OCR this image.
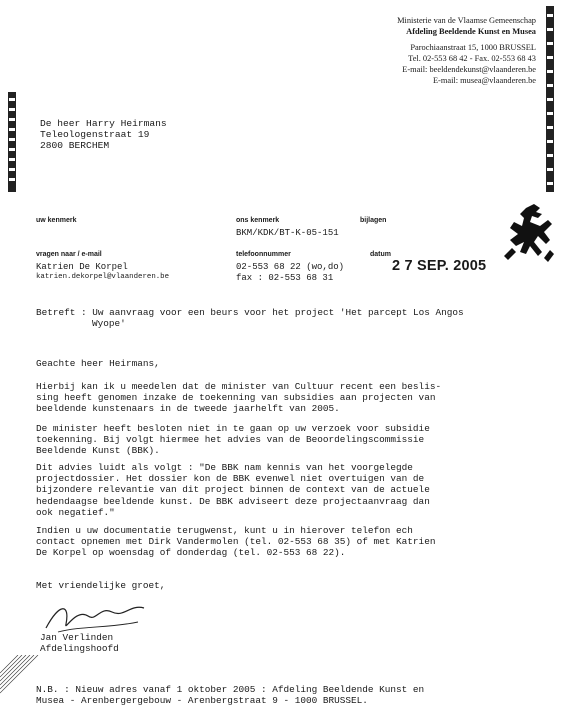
Ministerie van de Vlaamse Gemeenschap
Afdeling Beeldende Kunst en Musea
Parochiaanstraat 15, 1000 BRUSSEL
Tel. 02-553 68 42 - Fax. 02-553 68 43
E-mail: beeldendekunst@vlaanderen.be
E-mail: musea@vlaanderen.be
De heer Harry Heirmans
Teleologenstraat 19
2800 BERCHEM
uw kenmerk	ons kenmerk
BKM/KDK/BT-K-05-151
bijlagen
vragen naar / e-mail
Katrien De Korpel
katrien.dekorpel@vlaanderen.be
telefoonnummer
02-553 68 22 (wo,do)
fax : 02-553 68 31
datum
2 7 SEP. 2005
Betreft : Uw aanvraag voor een beurs voor het project 'Het parcept Los Angos
Wyope'
Geachte heer Heirmans,
Hierbij kan ik u meedelen dat de minister van Cultuur recent een beslis-
sing heeft genomen inzake de toekenning van subsidies aan projecten van
beeldende kunstenaars in de tweede jaarhelft van 2005.
De minister heeft besloten niet in te gaan op uw verzoek voor subsidie
toekenning. Bij volgt hiermee het advies van de Beoordelingscommissie
Beeldende Kunst (BBK).
Dit advies luidt als volgt : "De BBK nam kennis van het voorgelegde
projectdossier. Het dossier kon de BBK evenwel niet overtuigen van de
bijzondere relevantie van dit project binnen de context van de actuele
hedendaagse beeldende kunst. De BBK adviseert deze projectaanvraag dan
ook negatief."
Indien u uw documentatie terugwenst, kunt u in hierover telefon ech
contact opnemen met Dirk Vandermolen (tel. 02-553 68 35) of met Katrien
De Korpel op woensdag of donderdag (tel. 02-553 68 22).
Met vriendelijke groet,
Jan Verlinden
Afdelingshoofd
N.B. : Nieuw adres vanaf 1 oktober 2005 : Afdeling Beeldende Kunst en
Musea - Arenbergergebouw - Arenbergstraat 9 - 1000 BRUSSEL.
